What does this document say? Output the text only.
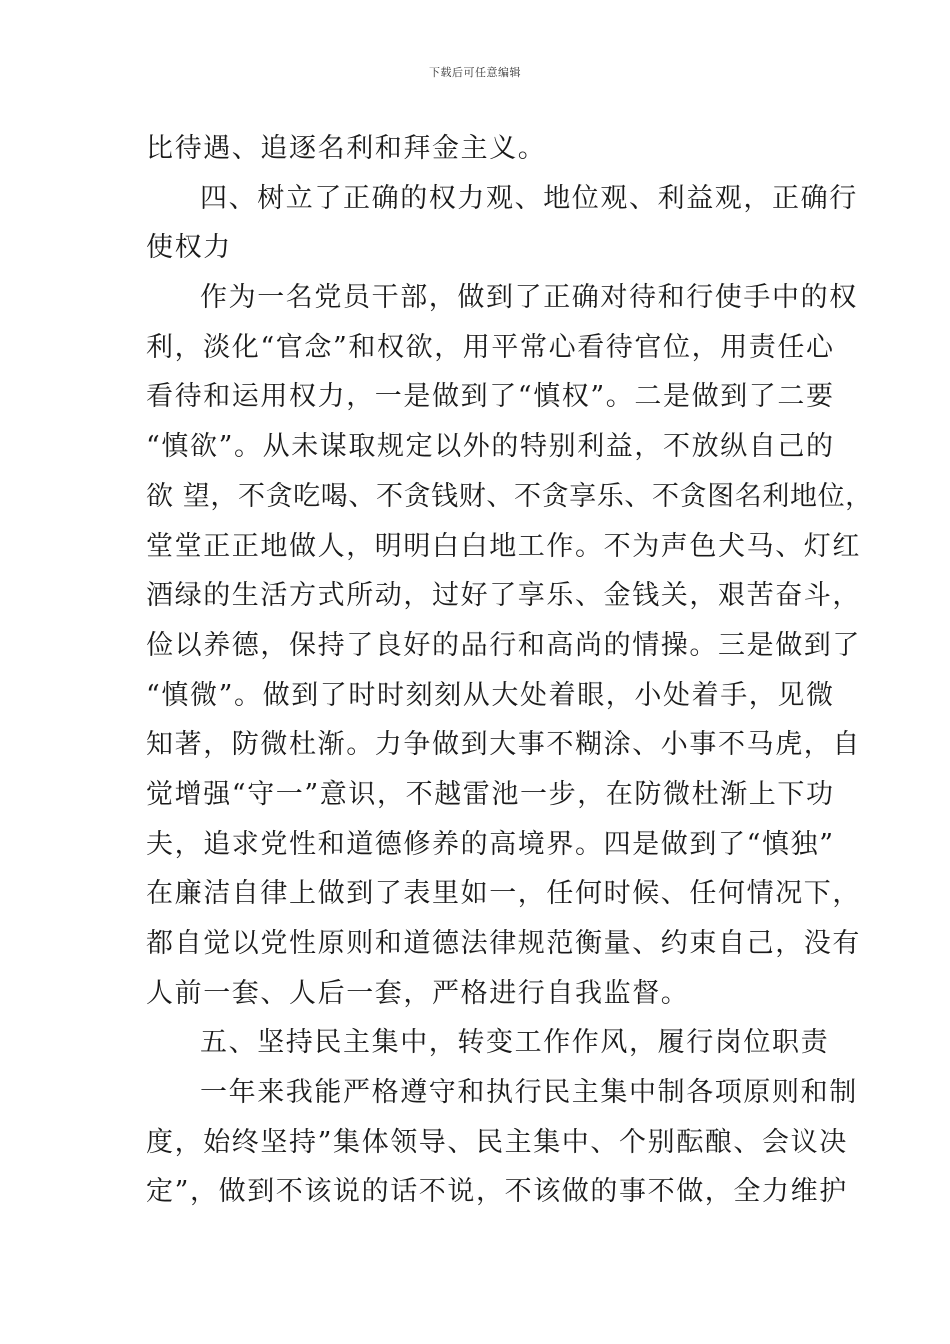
下载后可任意编辑
比待遇、追逐名利和拜金主义。
四、树立了正确的权力观、地位观、利益观，正确行
使权力
作为一名党员干部，做到了正确对待和行使手中的权
利，淡化“官念”和权欲，用平常心看待官位，用责任心
看待和运用权力，一是做到了“慎权”。二是做到了二要
“慎欲”。从未谋取规定以外的特别利益，不放纵自己的
欲 望，不贪吃喝、不贪钱财、不贪享乐、不贪图名利地位，
堂堂正正地做人，明明白白地工作。不为声色犬马、灯红
酒绿的生活方式所动，过好了享乐、金钱关，艰苦奋斗，
俭以养德，保持了良好的品行和高尚的情操。三是做到了
“慎微”。做到了时时刻刻从大处着眼，小处着手，见微
知著，防微杜渐。力争做到大事不糊涂、小事不马虎，自
觉增强“守一”意识，不越雷池一步，在防微杜渐上下功
夫，追求党性和道德修养的高境界。四是做到了“慎独”
在廉洁自律上做到了表里如一，任何时候、任何情况下，
都自觉以党性原则和道德法律规范衡量、约束自己，没有
人前一套、人后一套，严格进行自我监督。
五、坚持民主集中，转变工作作风，履行岗位职责
一年来我能严格遵守和执行民主集中制各项原则和制
度，始终坚持”集体领导、民主集中、个别酝酿、会议决
定”，做到不该说的话不说，不该做的事不做，全力维护
